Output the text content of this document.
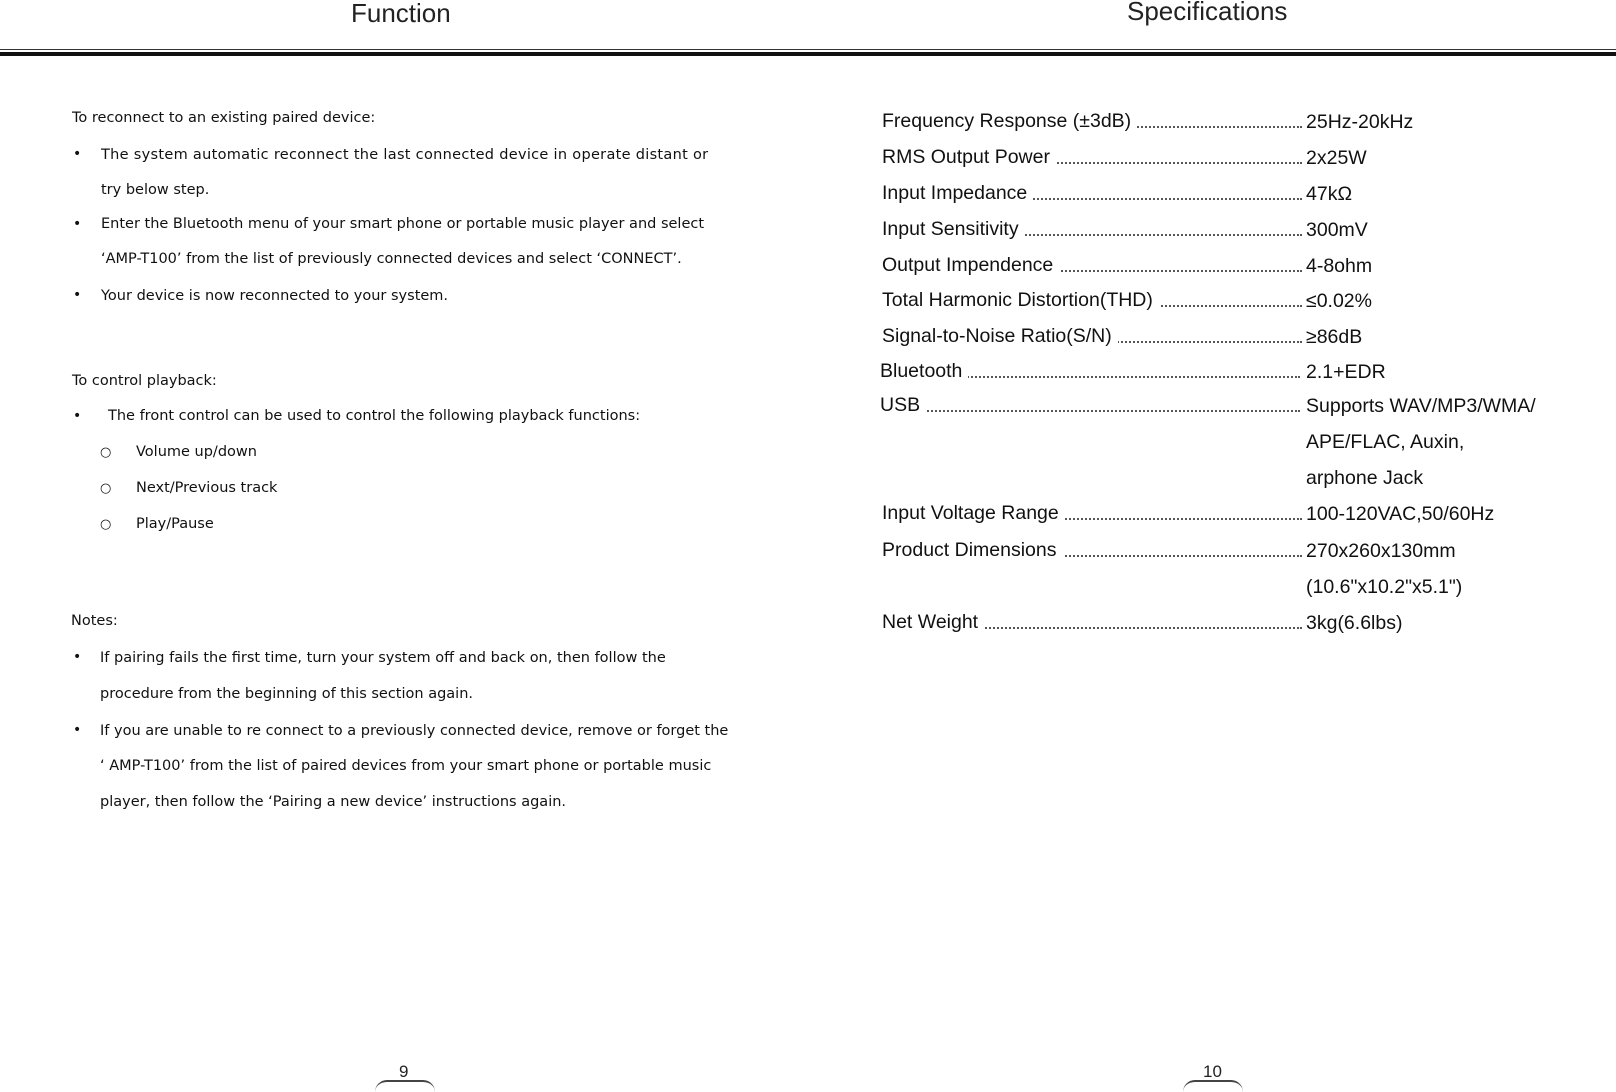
Function	Specifications
To reconnect to an existing paired device:
• The system automatic reconnect the last connected device in operate distant or
try below step.
• Enter the Bluetooth menu of your smart phone or portable music player and select
‘AMP-T100’ from the list of previously connected devices and select ‘CONNECT’.
• Your device is now reconnected to your system.
To control playback:
• The front control can be used to control the following playback functions:
○ Volume up/down
○ Next/Previous track
○ Play/Pause
Notes:
• If pairing fails the first time, turn your system off and back on, then follow the
procedure from the beginning of this section again.
• If you are unable to re connect to a previously connected device, remove or forget the
‘ AMP-T100’ from the list of paired devices from your smart phone or portable music
player, then follow the ‘Pairing a new device’ instructions again.
9
Frequency Response (±3dB)	25Hz-20kHz
RMS Output Power	2x25W
Input Impedance	47kΩ
Input Sensitivity	300mV
Output Impendence	4-8ohm
Total Harmonic Distortion(THD)	≤0.02%
Signal-to-Noise Ratio(S/N)	≥86dB
Bluetooth	2.1+EDR
USB	Supports WAV/MP3/WMA/
APE/FLAC, Auxin,
arphone Jack
Input Voltage Range	100-120VAC,50/60Hz
Product Dimensions	270x260x130mm
(10.6"x10.2"x5.1")
Net Weight	3kg(6.6lbs)
10
